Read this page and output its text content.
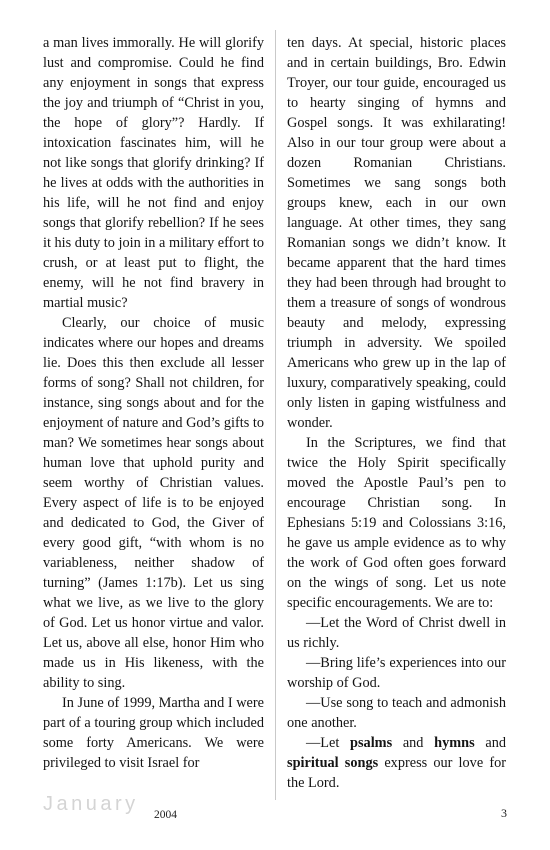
a man lives immorally. He will glorify lust and compromise. Could he find any enjoyment in songs that express the joy and triumph of “Christ in you, the hope of glory”? Hardly. If intoxication fascinates him, will he not like songs that glorify drinking? If he lives at odds with the authorities in his life, will he not find and enjoy songs that glorify rebellion? If he sees it his duty to join in a military effort to crush, or at least put to flight, the enemy, will he not find bravery in martial music?

Clearly, our choice of music indicates where our hopes and dreams lie. Does this then exclude all lesser forms of song? Shall not children, for instance, sing songs about and for the enjoyment of nature and God’s gifts to man? We sometimes hear songs about human love that uphold purity and seem worthy of Christian values. Every aspect of life is to be enjoyed and dedicated to God, the Giver of every good gift, “with whom is no variableness, neither shadow of turning” (James 1:17b). Let us sing what we live, as we live to the glory of God. Let us honor virtue and valor. Let us, above all else, honor Him who made us in His likeness, with the ability to sing.

In June of 1999, Martha and I were part of a touring group which included some forty Americans. We were privileged to visit Israel for

ten days. At special, historic places and in certain buildings, Bro. Edwin Troyer, our tour guide, encouraged us to hearty singing of hymns and Gospel songs. It was exhilarating! Also in our tour group were about a dozen Romanian Christians. Sometimes we sang songs both groups knew, each in our own language. At other times, they sang Romanian songs we didn’t know. It became apparent that the hard times they had been through had brought to them a treasure of songs of wondrous beauty and melody, expressing triumph in adversity. We spoiled Americans who grew up in the lap of luxury, comparatively speaking, could only listen in gaping wistfulness and wonder.

In the Scriptures, we find that twice the Holy Spirit specifically moved the Apostle Paul’s pen to encourage Christian song. In Ephesians 5:19 and Colossians 3:16, he gave us ample evidence as to why the work of God often goes forward on the wings of song. Let us note specific encouragements. We are to:

—Let the Word of Christ dwell in us richly.

—Bring life’s experiences into our worship of God.

—Use song to teach and admonish one another.

—Let psalms and hymns and spiritual songs express our love for the Lord.

January 2004	3
